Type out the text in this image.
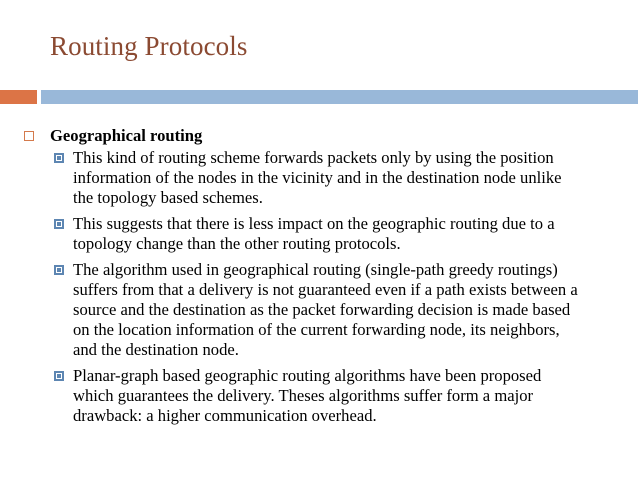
Routing Protocols
Geographical routing
This kind of routing scheme forwards packets only by using the position
information of the nodes in the vicinity and in the destination node unlike
the topology based schemes.
This suggests that there is less impact on the geographic routing due to a
topology change than the other routing protocols.
The algorithm used in geographical routing (single-path greedy routings)
suffers from that a delivery is not guaranteed even if a path exists between a
source and the destination as the packet forwarding decision is made based
on the location information of the current forwarding node, its neighbors,
and the destination node.
Planar-graph based geographic routing algorithms have been proposed
which guarantees the delivery. Theses algorithms suffer form a major
drawback: a higher communication overhead.
